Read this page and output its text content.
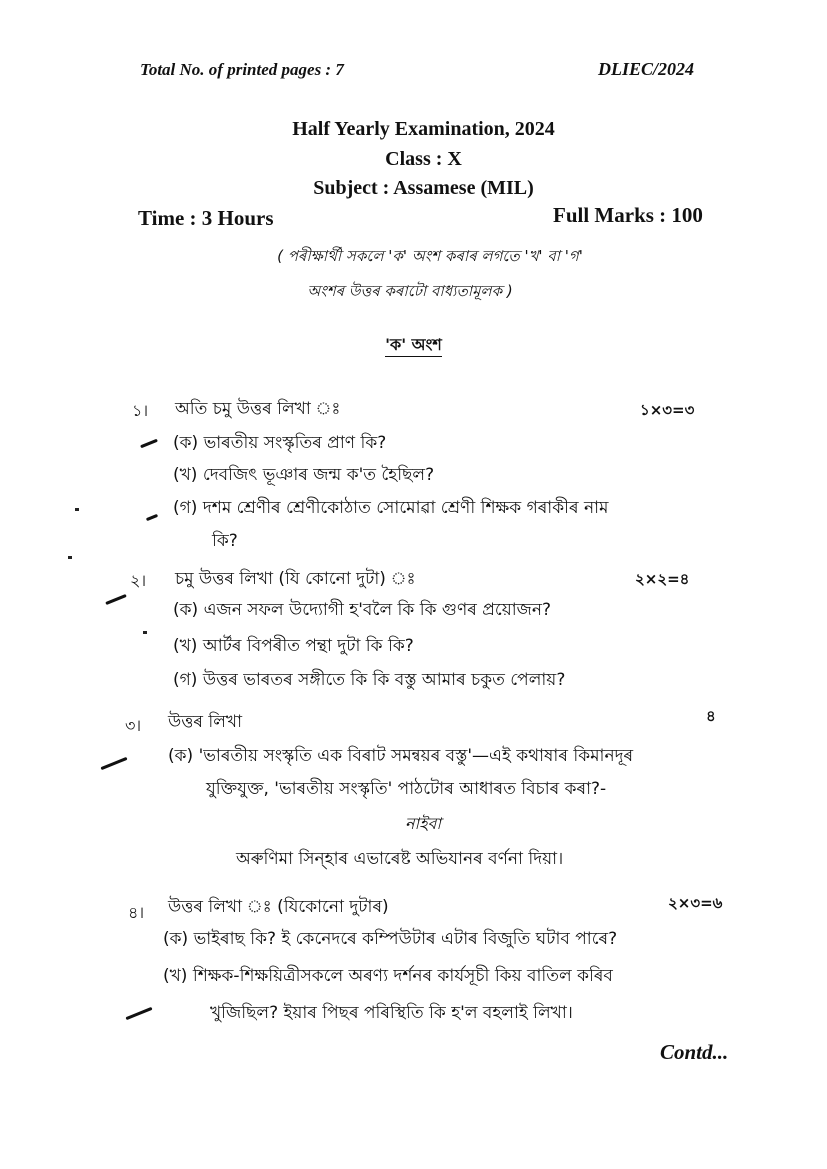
Total No. of printed pages : 7	DLIEC/2024
Half Yearly Examination, 2024
Class : X
Subject : Assamese (MIL)
Time : 3 Hours	Full Marks : 100
( পৰীক্ষাৰ্থী সকলে 'ক' অংশ কৰাৰ লগতে 'খ' বা 'গ'
অংশৰ উত্তৰ কৰাটো বাধ্যতামূলক )
'ক' অংশ
১। অতি চমু উত্তৰ লিখা ঃ	১×৩=৩
(ক) ভাৰতীয় সংস্কৃতিৰ প্ৰাণ কি?
(খ) দেবজিৎ ভূঞাৰ জন্ম ক'ত হৈছিল?
(গ) দশম শ্ৰেণীৰ শ্ৰেণীকোঠাত সোমোৱা শ্ৰেণী শিক্ষক গৰাকীৰ নাম
কি?
২। চমু উত্তৰ লিখা (যি কোনো দুটা) ঃ	২×২=৪
(ক) এজন সফল উদ্যোগী হ'বলৈ কি কি গুণৰ প্ৰয়োজন?
(খ) আৰ্টৰ বিপৰীত পন্থা দুটা কি কি?
(গ) উত্তৰ ভাৰতৰ সঙ্গীতে কি কি বস্তু আমাৰ চকুত পেলায়?
৩। উত্তৰ লিখা	৪
(ক) 'ভাৰতীয় সংস্কৃতি এক বিৰাট সমন্বয়ৰ বস্তু'—এই কথাষাৰ কিমানদূৰ
যুক্তিযুক্ত, 'ভাৰতীয় সংস্কৃতি' পাঠটোৰ আধাৰত বিচাৰ কৰা?-
নাইবা
অৰুণিমা সিন্‌হাৰ এভাৰেষ্ট অভিযানৰ বৰ্ণনা দিয়া।
৪। উত্তৰ লিখা ঃ (যিকোনো দুটাৰ)	২×৩=৬
(ক) ভাইৰাছ কি? ই কেনেদৰে কম্পিউটাৰ এটাৰ বিজুতি ঘটাব পাৰে?
(খ) শিক্ষক-শিক্ষয়িত্ৰীসকলে অৰণ্য দৰ্শনৰ কাৰ্যসূচী কিয় বাতিল কৰিব
খুজিছিল? ইয়াৰ পিছৰ পৰিস্থিতি কি হ'ল বহলাই লিখা।
Contd...
